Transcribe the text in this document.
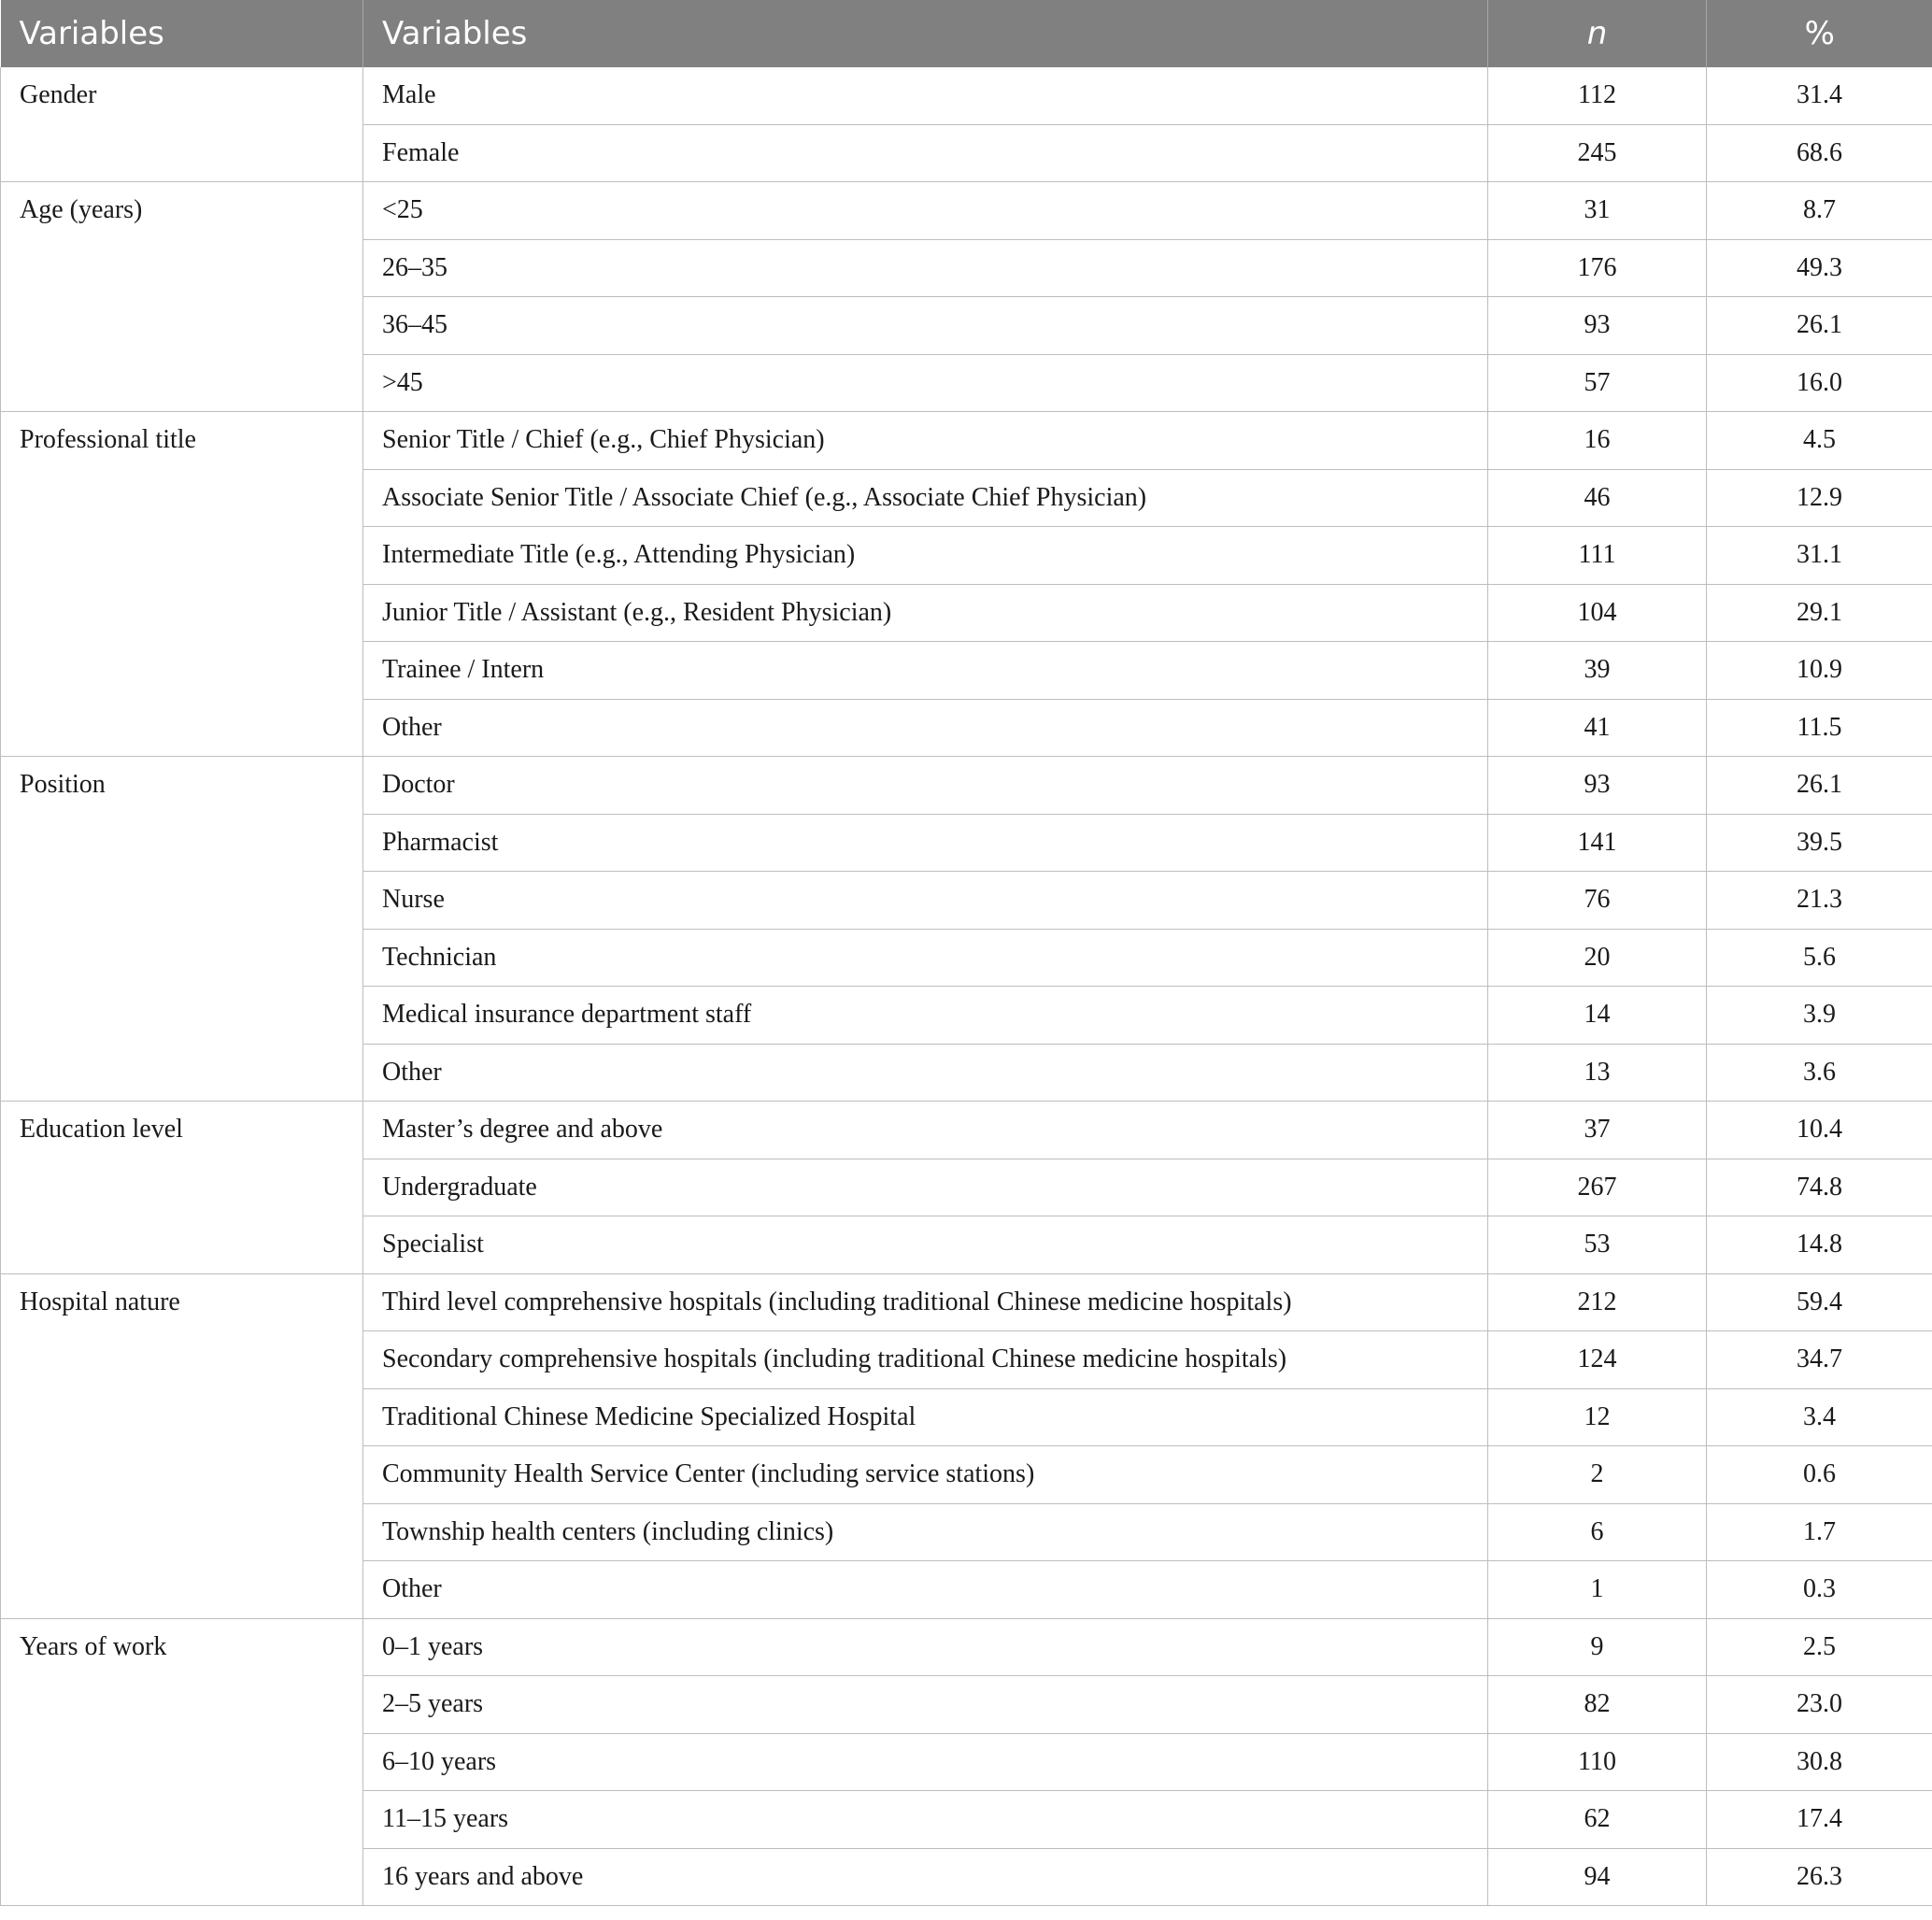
Variables	Variables	n	%
Gender	Male	112	31.4
	Female	245	68.6
Age (years)	<25	31	8.7
	26–35	176	49.3
	36–45	93	26.1
	>45	57	16.0
Professional title	Senior Title / Chief (e.g., Chief Physician)	16	4.5
	Associate Senior Title / Associate Chief (e.g., Associate Chief Physician)	46	12.9
	Intermediate Title (e.g., Attending Physician)	111	31.1
	Junior Title / Assistant (e.g., Resident Physician)	104	29.1
	Trainee / Intern	39	10.9
	Other	41	11.5
Position	Doctor	93	26.1
	Pharmacist	141	39.5
	Nurse	76	21.3
	Technician	20	5.6
	Medical insurance department staff	14	3.9
	Other	13	3.6
Education level	Master’s degree and above	37	10.4
	Undergraduate	267	74.8
	Specialist	53	14.8
Hospital nature	Third level comprehensive hospitals (including traditional Chinese medicine hospitals)	212	59.4
	Secondary comprehensive hospitals (including traditional Chinese medicine hospitals)	124	34.7
	Traditional Chinese Medicine Specialized Hospital	12	3.4
	Community Health Service Center (including service stations)	2	0.6
	Township health centers (including clinics)	6	1.7
	Other	1	0.3
Years of work	0–1 years	9	2.5
	2–5 years	82	23.0
	6–10 years	110	30.8
	11–15 years	62	17.4
	16 years and above	94	26.3
